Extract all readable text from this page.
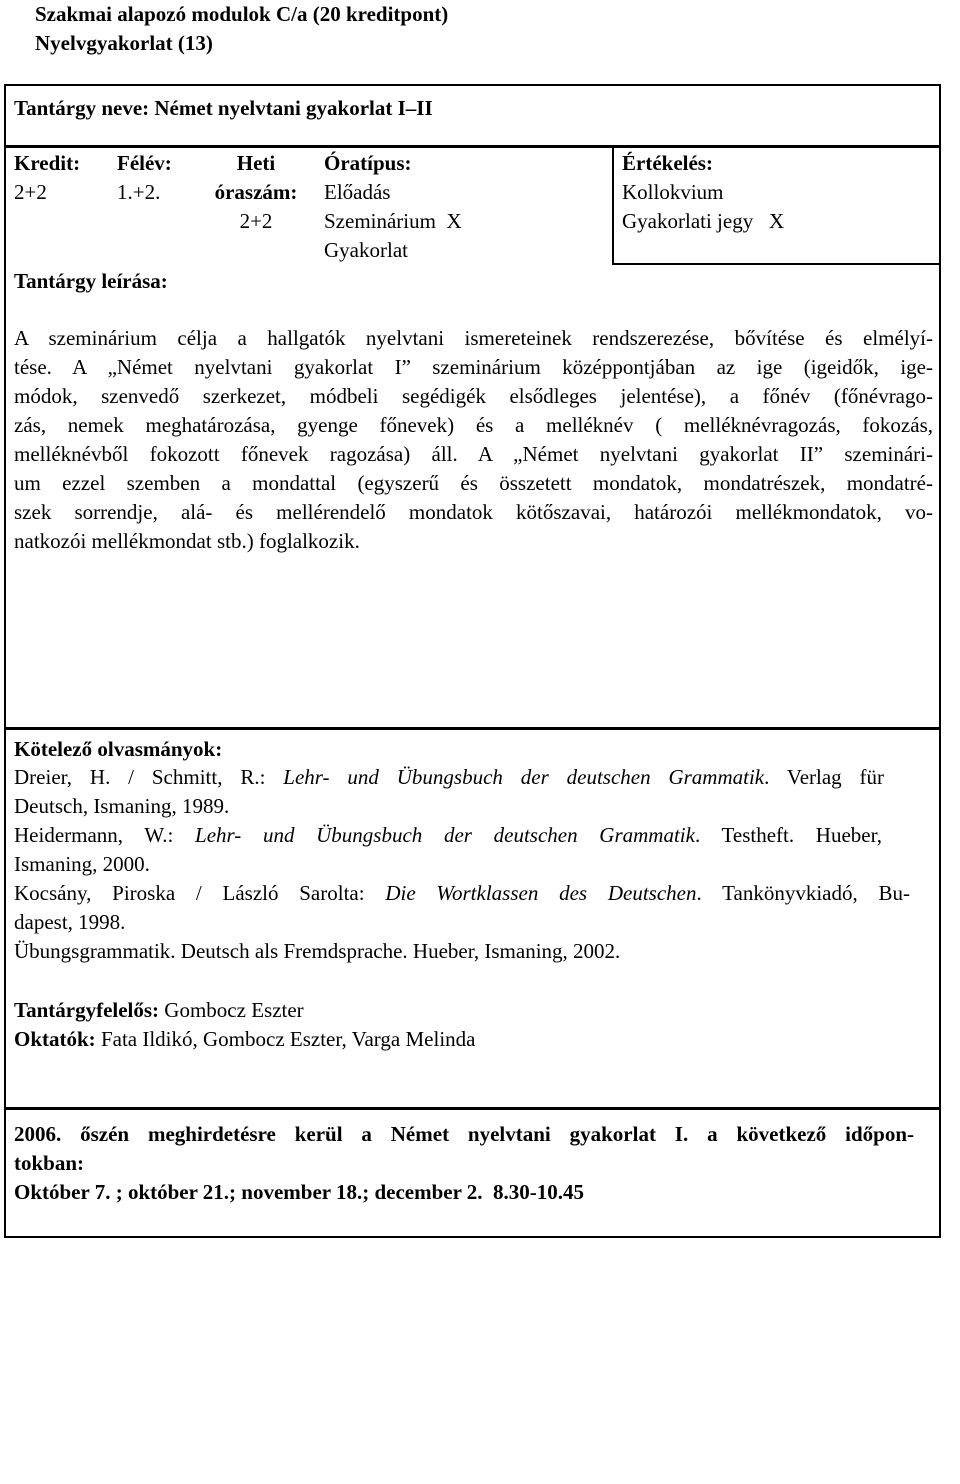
Szakmai alapozó modulok C/a (20 kreditpont)
Nyelvgyakorlat (13)
Tantárgy neve: Német nyelvtani gyakorlat I–II
Kredit:
2+2
Félév:
1.+2.
Heti
óraszám:
2+2
Óratípus:
Előadás
Szeminárium X
Gyakorlat
Értékelés:
Kollokvium
Gyakorlati jegy X
Tantárgy leírása:
A szeminárium célja a hallgatók nyelvtani ismereteinek rendszerezése, bővítése és elmélyí-
tése. A „Német nyelvtani gyakorlat I” szeminárium középpontjában az ige (igeidők, ige-
módok, szenvedő szerkezet, módbeli segédigék elsődleges jelentése), a főnév (főnévrago-
zás, nemek meghatározása, gyenge főnevek) és a melléknév ( melléknévragozás, fokozás,
melléknévből fokozott főnevek ragozása) áll. A „Német nyelvtani gyakorlat II” szeminári-
um ezzel szemben a mondattal (egyszerű és összetett mondatok, mondatrészek, mondatré-
szek sorrendje, alá- és mellérendelő mondatok kötőszavai, határozói mellékmondatok, vo-
natkozói mellékmondat stb.) foglalkozik.
Kötelező olvasmányok:
Dreier, H. / Schmitt, R.: Lehr- und Übungsbuch der deutschen Grammatik. Verlag für
Deutsch, Ismaning, 1989.
Heidermann, W.: Lehr- und Übungsbuch der deutschen Grammatik. Testheft. Hueber,
Ismaning, 2000.
Kocsány, Piroska / László Sarolta: Die Wortklassen des Deutschen. Tankönyvkiadó, Bu-
dapest, 1998.
Übungsgrammatik. Deutsch als Fremdsprache. Hueber, Ismaning, 2002.
Tantárgyfelelős: Gombocz Eszter
Oktatók: Fata Ildikó, Gombocz Eszter, Varga Melinda
2006. őszén meghirdetésre kerül a Német nyelvtani gyakorlat I. a következő időpon-
tokban:
Október 7. ; október 21.; november 18.; december 2.  8.30-10.45
